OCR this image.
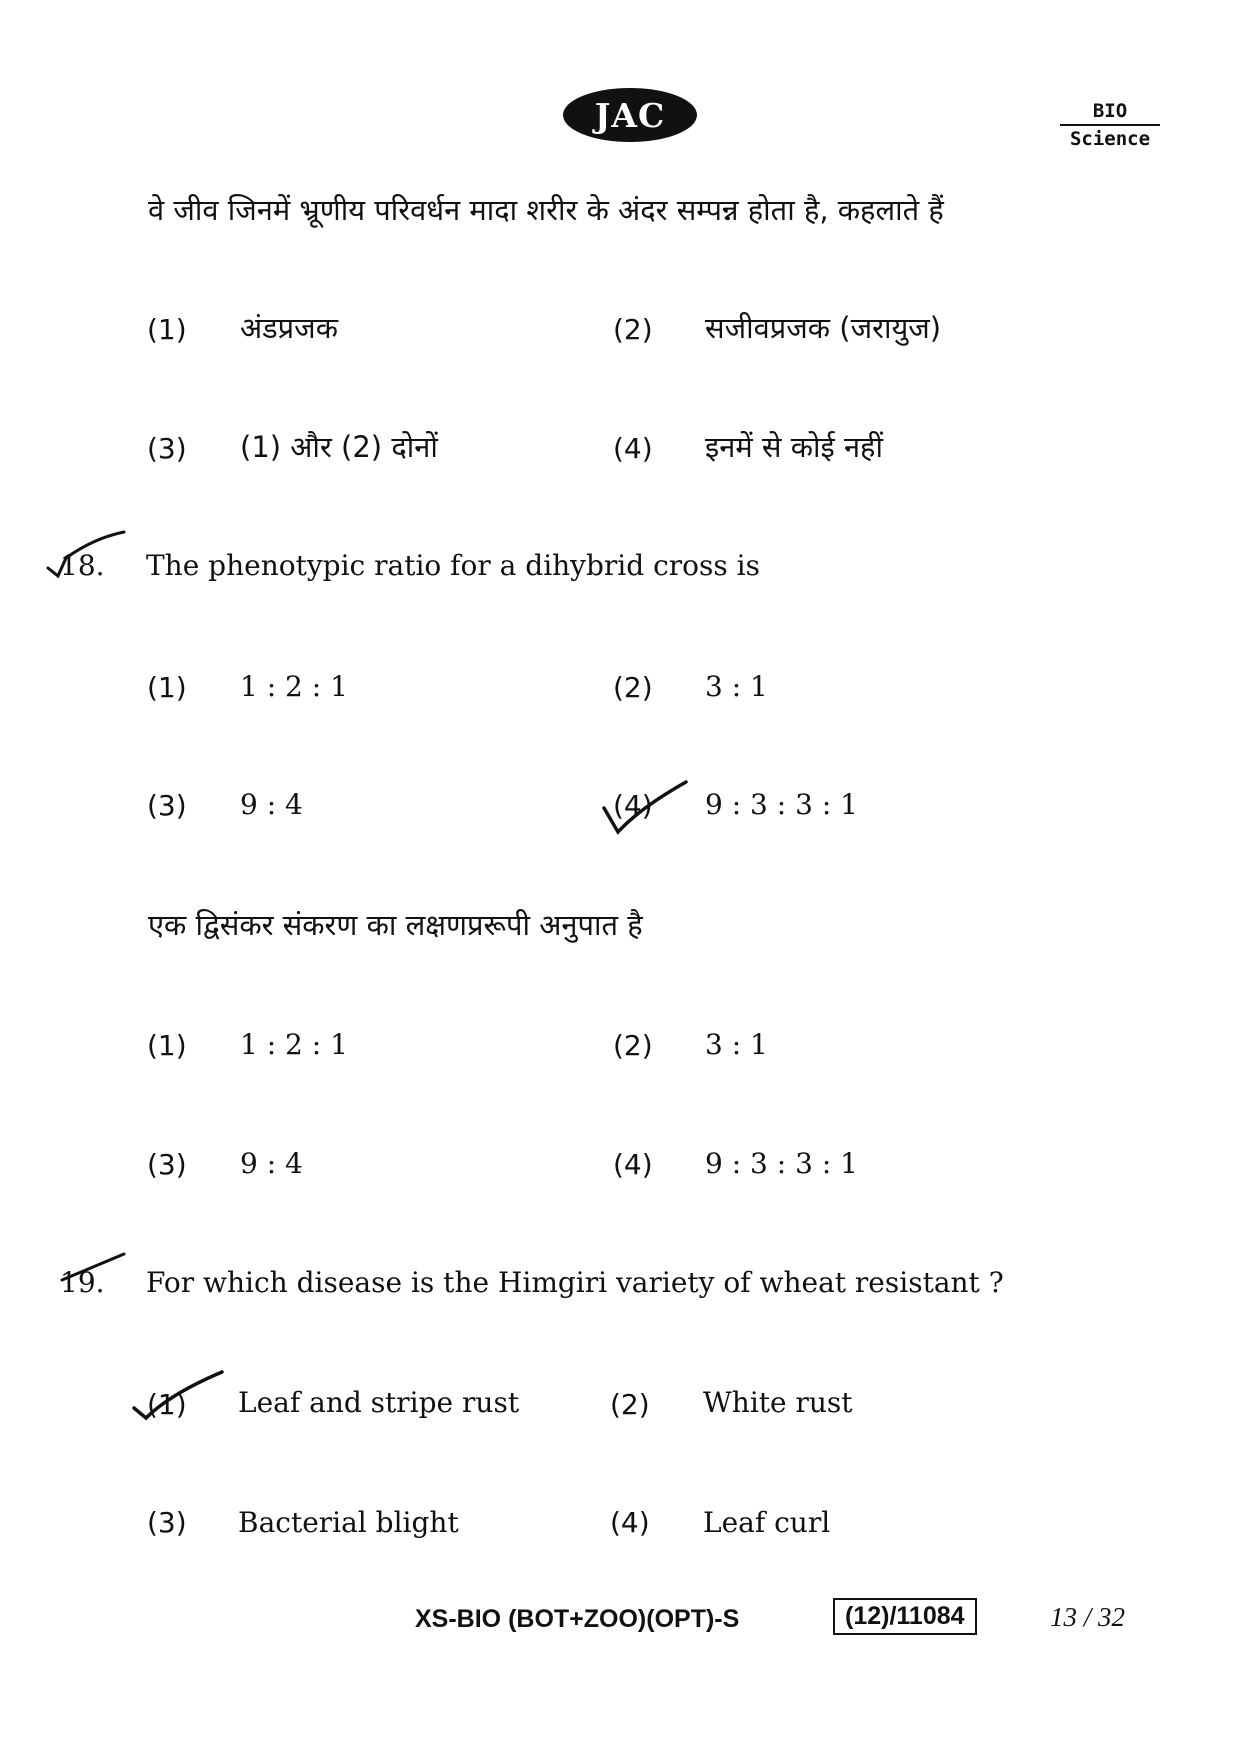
JAC	BIO
Science
वे जीव जिनमें भ्रूणीय परिवर्धन मादा शरीर के अंदर सम्पन्न होता है, कहलाते हैं
(1) अंडप्रजक	(2) सजीवप्रजक (जरायुज)
(3) (1) और (2) दोनों	(4) इनमें से कोई नहीं
18. The phenotypic ratio for a dihybrid cross is
(1) 1 : 2 : 1	(2) 3 : 1
(3) 9 : 4	(4) 9 : 3 : 3 : 1
एक द्विसंकर संकरण का लक्षणप्ररूपी अनुपात है
(1) 1 : 2 : 1	(2) 3 : 1
(3) 9 : 4	(4) 9 : 3 : 3 : 1
19. For which disease is the Himgiri variety of wheat resistant ?
(1) Leaf and stripe rust	(2) White rust
(3) Bacterial blight	(4) Leaf curl
XS-BIO (BOT+ZOO)(OPT)-S	(12)/11084	13 / 32
